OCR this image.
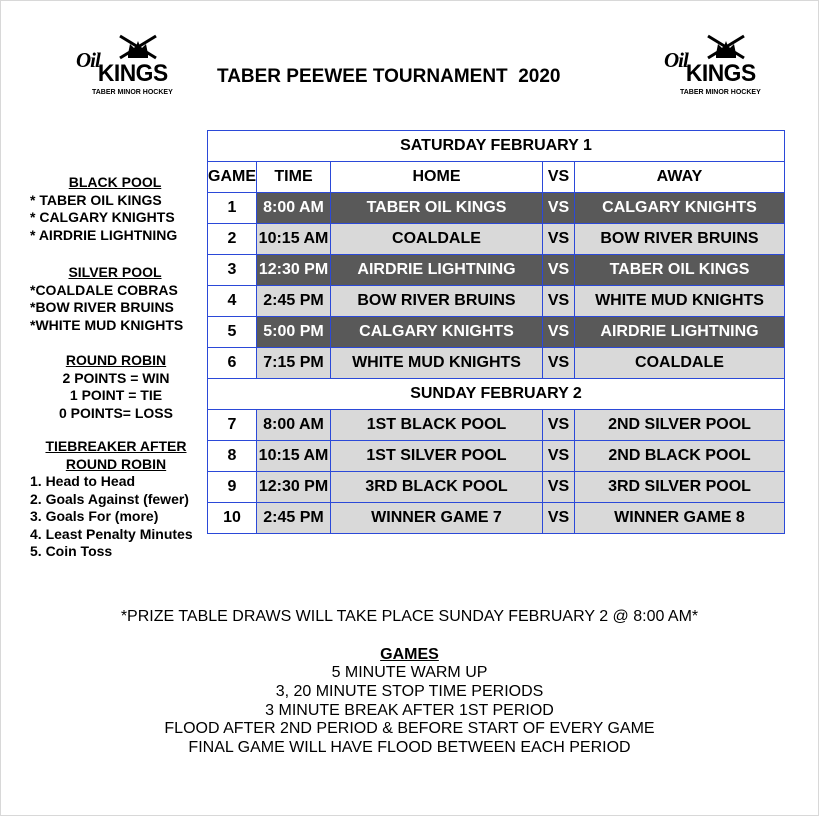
Oil
KINGS
TABER MINOR HOCKEY
Oil
KINGS
TABER MINOR HOCKEY
TABER PEEWEE TOURNAMENT  2020
BLACK POOL
* TABER OIL KINGS
* CALGARY KNIGHTS
* AIRDRIE LIGHTNING
SILVER POOL
*COALDALE COBRAS
*BOW RIVER BRUINS
*WHITE MUD KNIGHTS
ROUND ROBIN
2 POINTS = WIN
1 POINT = TIE
0 POINTS= LOSS
TIEBREAKER AFTER
ROUND ROBIN
1. Head to Head
2. Goals Against (fewer)
3. Goals For (more)
4. Least Penalty Minutes
5. Coin Toss
SATURDAY FEBRUARY 1				
GAME	TIME	HOME	VS	AWAY
1	8:00 AM	TABER OIL KINGS	VS	CALGARY KNIGHTS
2	10:15 AM	COALDALE	VS	BOW RIVER BRUINS
3	12:30 PM	AIRDRIE LIGHTNING	VS	TABER OIL KINGS
4	2:45 PM	BOW RIVER BRUINS	VS	WHITE MUD KNIGHTS
5	5:00 PM	CALGARY KNIGHTS	VS	AIRDRIE LIGHTNING
6	7:15 PM	WHITE MUD KNIGHTS	VS	COALDALE
SUNDAY FEBRUARY 2				
7	8:00 AM	1ST BLACK POOL	VS	2ND SILVER POOL
8	10:15 AM	1ST SILVER POOL	VS	2ND BLACK POOL
9	12:30 PM	3RD BLACK POOL	VS	3RD SILVER POOL
10	2:45 PM	WINNER GAME 7	VS	WINNER GAME 8
*PRIZE TABLE DRAWS WILL TAKE PLACE SUNDAY FEBRUARY 2 @ 8:00 AM*
GAMES
5 MINUTE WARM UP
3, 20 MINUTE STOP TIME PERIODS
3 MINUTE BREAK AFTER 1ST PERIOD
FLOOD AFTER 2ND PERIOD & BEFORE START OF EVERY GAME
FINAL GAME WILL HAVE FLOOD BETWEEN EACH PERIOD
